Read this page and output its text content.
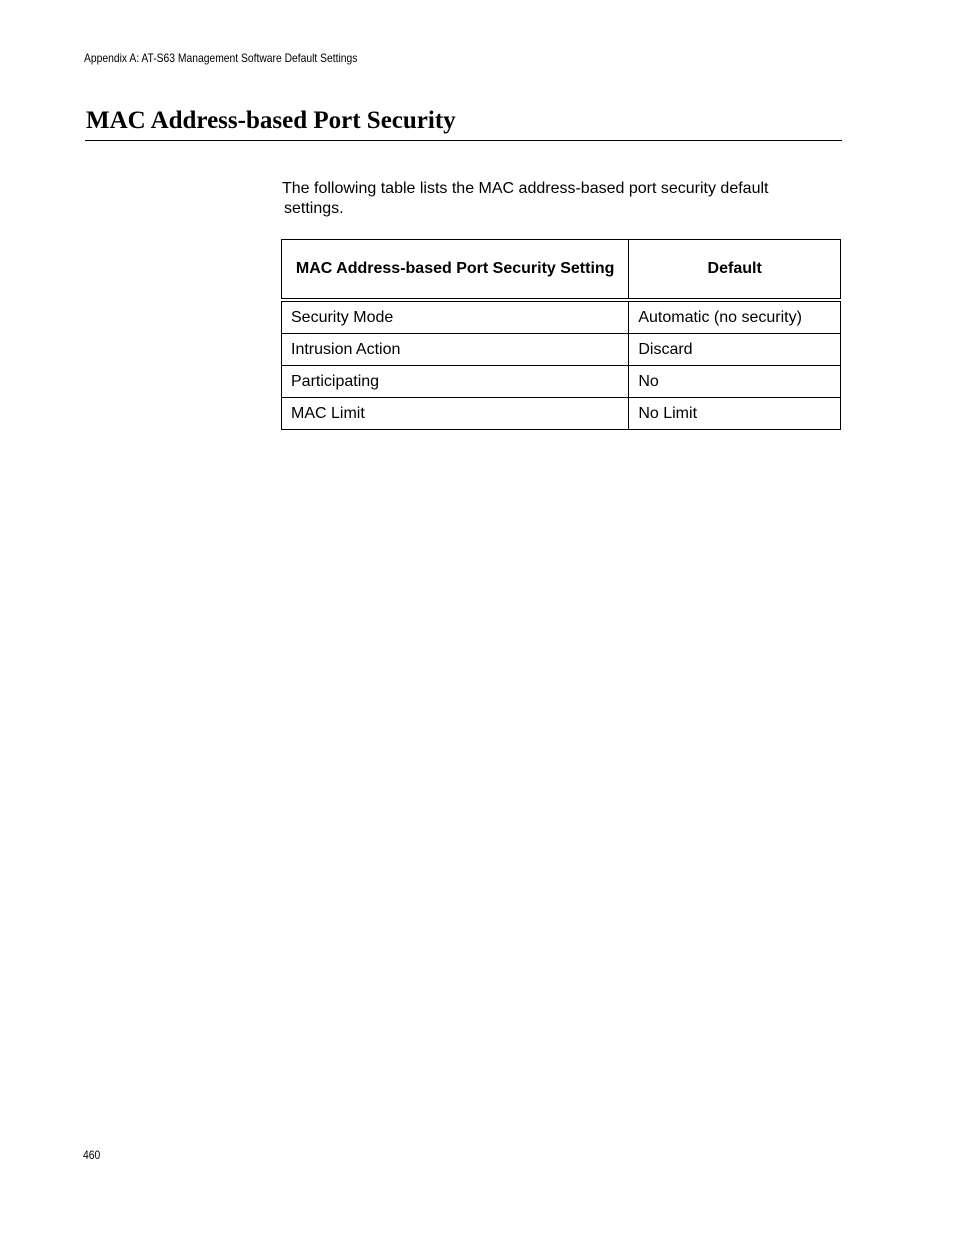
Appendix A: AT-S63 Management Software Default Settings
MAC Address-based Port Security

The following table lists the MAC address-based port security default
settings.

MAC Address-based Port Security Setting	Default
Security Mode	Automatic (no security)
Intrusion Action	Discard
Participating	No
MAC Limit	No Limit
460
